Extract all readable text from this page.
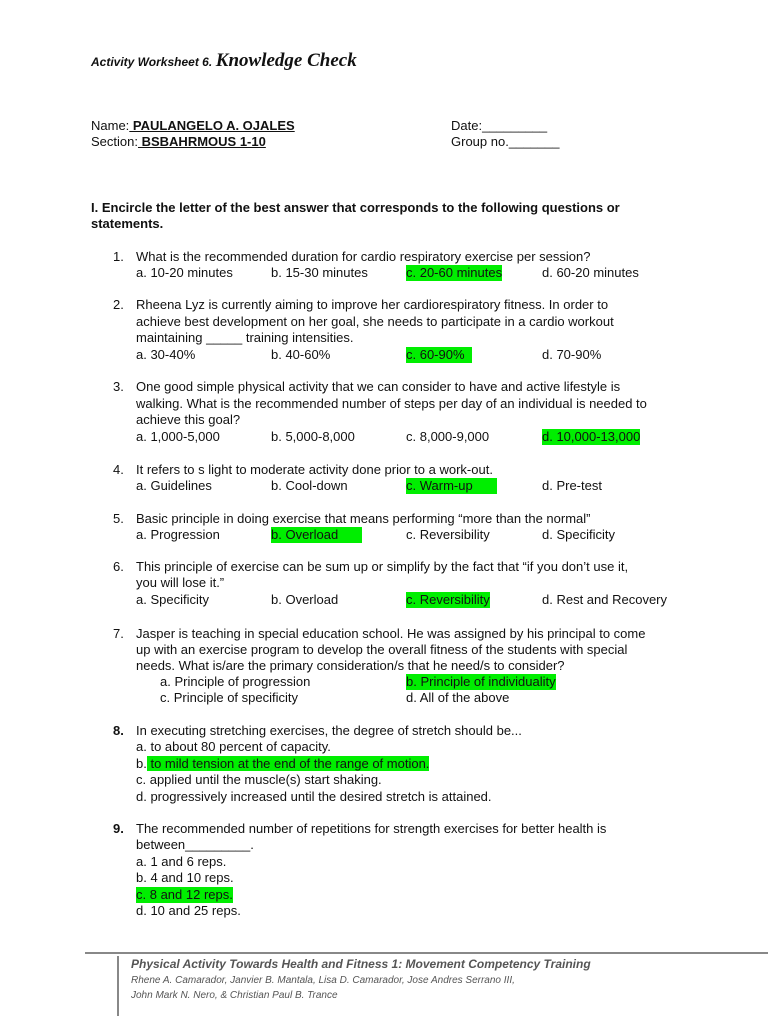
Activity Worksheet 6. Knowledge Check
Name: PAULANGELO A. OJALES	Date:_________
Section: BSBAHRMOUS 1-10	Group no._______
I. Encircle the letter of the best answer that corresponds to the following questions or statements.
1. What is the recommended duration for cardio respiratory exercise per session?
a. 10-20 minutes	b. 15-30 minutes	c. 20-60 minutes	d. 60-20 minutes
2. Rheena Lyz is currently aiming to improve her cardiorespiratory fitness. In order to
achieve best development on her goal, she needs to participate in a cardio workout
maintaining _____ training intensities.
a. 30-40%	b. 40-60%	c. 60-90%	d. 70-90%
3. One good simple physical activity that we can consider to have and active lifestyle is
walking. What is the recommended number of steps per day of an individual is needed to
achieve this goal?
a. 1,000-5,000	b. 5,000-8,000	c. 8,000-9,000	d. 10,000-13,000
4. It refers to s light to moderate activity done prior to a work-out.
a. Guidelines	b. Cool-down	c. Warm-up	d. Pre-test
5. Basic principle in doing exercise that means performing “more than the normal”
a. Progression	b. Overload	c. Reversibility	d. Specificity
6. This principle of exercise can be sum up or simplify by the fact that “if you don’t use it,
you will lose it.”
a. Specificity	b. Overload	c. Reversibility	d. Rest and Recovery
7. Jasper is teaching in special education school. He was assigned by his principal to come
up with an exercise program to develop the overall fitness of the students with special
needs. What is/are the primary consideration/s that he need/s to consider?
a. Principle of progression	b. Principle of individuality
c. Principle of specificity	d. All of the above
8. In executing stretching exercises, the degree of stretch should be...
a. to about 80 percent of capacity.
b. to mild tension at the end of the range of motion.
c. applied until the muscle(s) start shaking.
d. progressively increased until the desired stretch is attained.
9. The recommended number of repetitions for strength exercises for better health is
between_________.
a. 1 and 6 reps.
b. 4 and 10 reps.
c. 8 and 12 reps.
d. 10 and 25 reps.
Physical Activity Towards Health and Fitness 1: Movement Competency Training
Rhene A. Camarador, Janvier B. Mantala, Lisa D. Camarador, Jose Andres Serrano III,
John Mark N. Nero, & Christian Paul B. Trance
